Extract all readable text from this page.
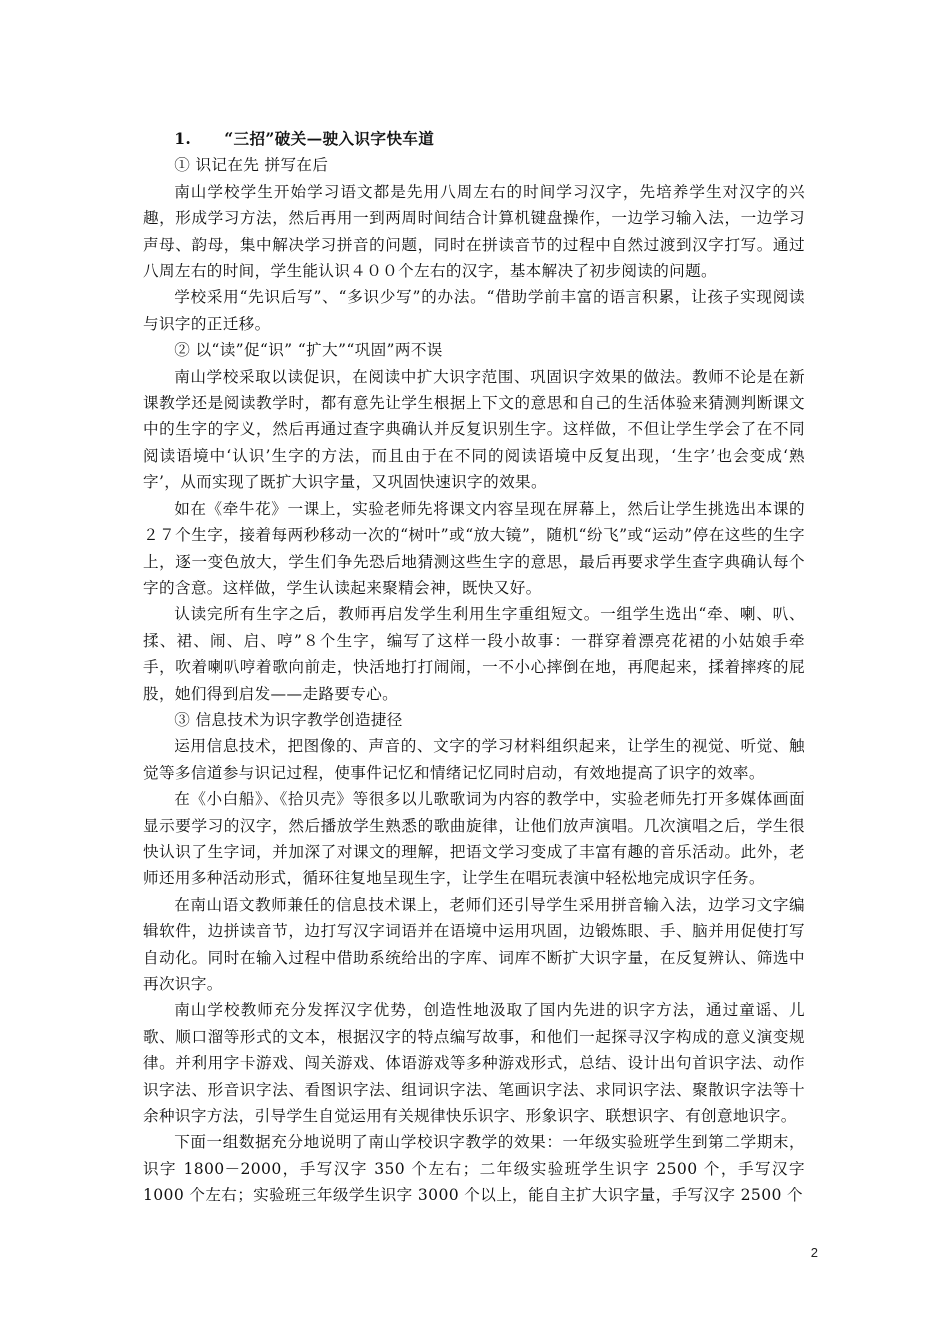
1. “三招”破关—驶入识字快车道

① 识记在先 拼写在后

南山学校学生开始学习语文都是先用八周左右的时间学习汉字，先培养学生对汉字的兴趣，形成学习方法，然后再用一到两周时间结合计算机键盘操作，一边学习输入法，一边学习声母、韵母，集中解决学习拼音的问题，同时在拼读音节的过程中自然过渡到汉字打写。通过八周左右的时间，学生能认识４００个左右的汉字，基本解决了初步阅读的问题。

学校采用“先识后写”、“多识少写”的办法。“借助学前丰富的语言积累，让孩子实现阅读与识字的正迁移。

② 以“读”促“识” “扩大”“巩固”两不误

南山学校采取以读促识，在阅读中扩大识字范围、巩固识字效果的做法。教师不论是在新课教学还是阅读教学时，都有意先让学生根据上下文的意思和自己的生活体验来猜测判断课文中的生字的字义，然后再通过查字典确认并反复识别生字。这样做，不但让学生学会了在不同阅读语境中‘认识’生字的方法，而且由于在不同的阅读语境中反复出现，‘生字’也会变成‘熟字’，从而实现了既扩大识字量，又巩固快速识字的效果。

如在《牵牛花》一课上，实验老师先将课文内容呈现在屏幕上，然后让学生挑选出本课的２７个生字，接着每两秒移动一次的“树叶”或“放大镜”，随机“纷飞”或“运动”停在这些的生字上，逐一变色放大，学生们争先恐后地猜测这些生字的意思，最后再要求学生查字典确认每个字的含意。这样做，学生认读起来聚精会神，既快又好。

认读完所有生字之后，教师再启发学生利用生字重组短文。一组学生选出“牵、喇、叭、揉、裙、闹、启、哼”８个生字，编写了这样一段小故事：一群穿着漂亮花裙的小姑娘手牵手，吹着喇叭哼着歌向前走，快活地打打闹闹，一不小心摔倒在地，再爬起来，揉着摔疼的屁股，她们得到启发——走路要专心。

③ 信息技术为识字教学创造捷径

运用信息技术，把图像的、声音的、文字的学习材料组织起来，让学生的视觉、听觉、触觉等多信道参与识记过程，使事件记忆和情绪记忆同时启动，有效地提高了识字的效率。

在《小白船》、《拾贝壳》等很多以儿歌歌词为内容的教学中，实验老师先打开多媒体画面显示要学习的汉字，然后播放学生熟悉的歌曲旋律，让他们放声演唱。几次演唱之后，学生很快认识了生字词，并加深了对课文的理解，把语文学习变成了丰富有趣的音乐活动。此外，老师还用多种活动形式，循环往复地呈现生字，让学生在唱玩表演中轻松地完成识字任务。

在南山语文教师兼任的信息技术课上，老师们还引导学生采用拼音输入法，边学习文字编辑软件，边拼读音节，边打写汉字词语并在语境中运用巩固，边锻炼眼、手、脑并用促使打写自动化。同时在输入过程中借助系统给出的字库、词库不断扩大识字量，在反复辨认、筛选中再次识字。

南山学校教师充分发挥汉字优势，创造性地汲取了国内先进的识字方法，通过童谣、儿歌、顺口溜等形式的文本，根据汉字的特点编写故事，和他们一起探寻汉字构成的意义演变规律。并利用字卡游戏、闯关游戏、体语游戏等多种游戏形式，总结、设计出句首识字法、动作识字法、形音识字法、看图识字法、组词识字法、笔画识字法、求同识字法、聚散识字法等十余种识字方法，引导学生自觉运用有关规律快乐识字、形象识字、联想识字、有创意地识字。

下面一组数据充分地说明了南山学校识字教学的效果：一年级实验班学生到第二学期末，识字 1800－2000，手写汉字 350 个左右；二年级实验班学生识字 2500 个，手写汉字 1000 个左右；实验班三年级学生识字 3000 个以上，能自主扩大识字量，手写汉字 2500 个

2
